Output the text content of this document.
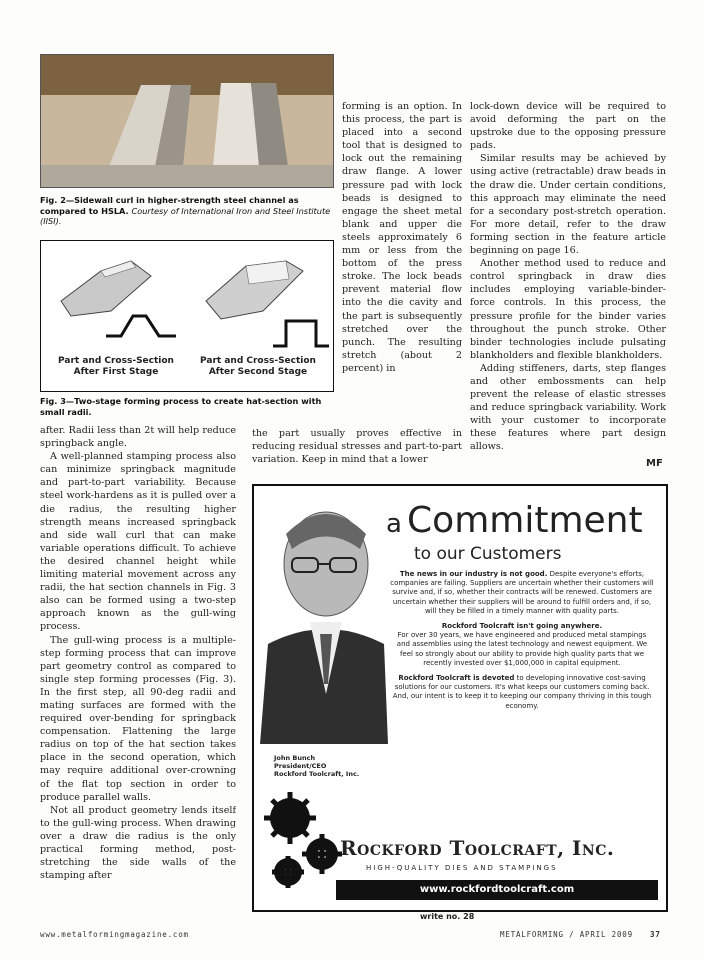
Fig. 2—Sidewall curl in higher-strength steel channel as compared to HSLA. Courtesy of International Iron and Steel Institute (IISI).
Part and Cross-Section After First Stage
Part and Cross-Section After Second Stage
Fig. 3—Two-stage forming process to create hat-section with small radii.

after. Radii less than 2t will help reduce springback angle.

A well-planned stamping process also can minimize springback magnitude and part-to-part variability. Because steel work-hardens as it is pulled over a die radius, the resulting higher strength means increased springback and side wall curl that can make variable operations difficult. To achieve the desired channel height while limiting material movement across any radii, the hat section channels in Fig. 3 also can be formed using a two-step approach known as the gull-wing process.

The gull-wing process is a multiple-step forming process that can improve part geometry control as compared to single step forming processes (Fig. 3). In the first step, all 90-deg radii and mating surfaces are formed with the required over-bending for springback compensation. Flattening the large radius on top of the hat section takes place in the second operation, which may require additional over-crowning of the flat top section in order to produce parallel walls.

Not all product geometry lends itself to the gull-wing process. When drawing over a draw die radius is the only practical forming method, post-stretching the side walls of the stamping after

forming is an option. In this process, the part is placed into a second tool that is designed to lock out the remaining draw flange. A lower pressure pad with lock beads is designed to engage the sheet metal blank and upper die steels approximately 6 mm or less from the bottom of the press stroke. The lock beads prevent material flow into the die cavity and the part is subsequently stretched over the punch. The resulting stretch (about 2 percent) in

the part usually proves effective in reducing residual stresses and part-to-part variation. Keep in mind that a lower

lock-down device will be required to avoid deforming the part on the upstroke due to the opposing pressure pads.

Similar results may be achieved by using active (retractable) draw beads in the draw die. Under certain conditions, this approach may eliminate the need for a secondary post-stretch operation. For more detail, refer to the draw forming section in the feature article beginning on page 16.

Another method used to reduce and control springback in draw dies includes employing variable-binder-force controls. In this process, the pressure profile for the binder varies throughout the punch stroke. Other binder technologies include pulsating blankholders and flexible blankholders.

Adding stiffeners, darts, step flanges and other embossments can help prevent the release of elastic stresses and reduce springback variability. Work with your customer to incorporate these features where part design allows.

MF
John Bunch
President/CEO
Rockford Toolcraft, Inc.
a Commitment
to our Customers

The news in our industry is not good. Despite everyone's efforts, companies are failing. Suppliers are uncertain whether their customers will survive and, if so, whether their contracts will be renewed. Customers are uncertain whether their suppliers will be around to fulfill orders and, if so, will they be filled in a timely manner with quality parts.

Rockford Toolcraft isn't going anywhere.
For over 30 years, we have engineered and produced metal stampings and assemblies using the latest technology and newest equipment. We feel so strongly about our ability to provide high quality parts that we recently invested over $1,000,000 in capital equipment.

Rockford Toolcraft is devoted to developing innovative cost-saving solutions for our customers. It's what keeps our customers coming back. And, our intent is to keep it to keeping our company thriving in this tough economy.

Rockford Toolcraft, Inc.
HIGH-QUALITY DIES AND STAMPINGS
www.rockfordtoolcraft.com
write no. 28
www.metalformingmagazine.com	METALFORMING / APRIL 2009 37
